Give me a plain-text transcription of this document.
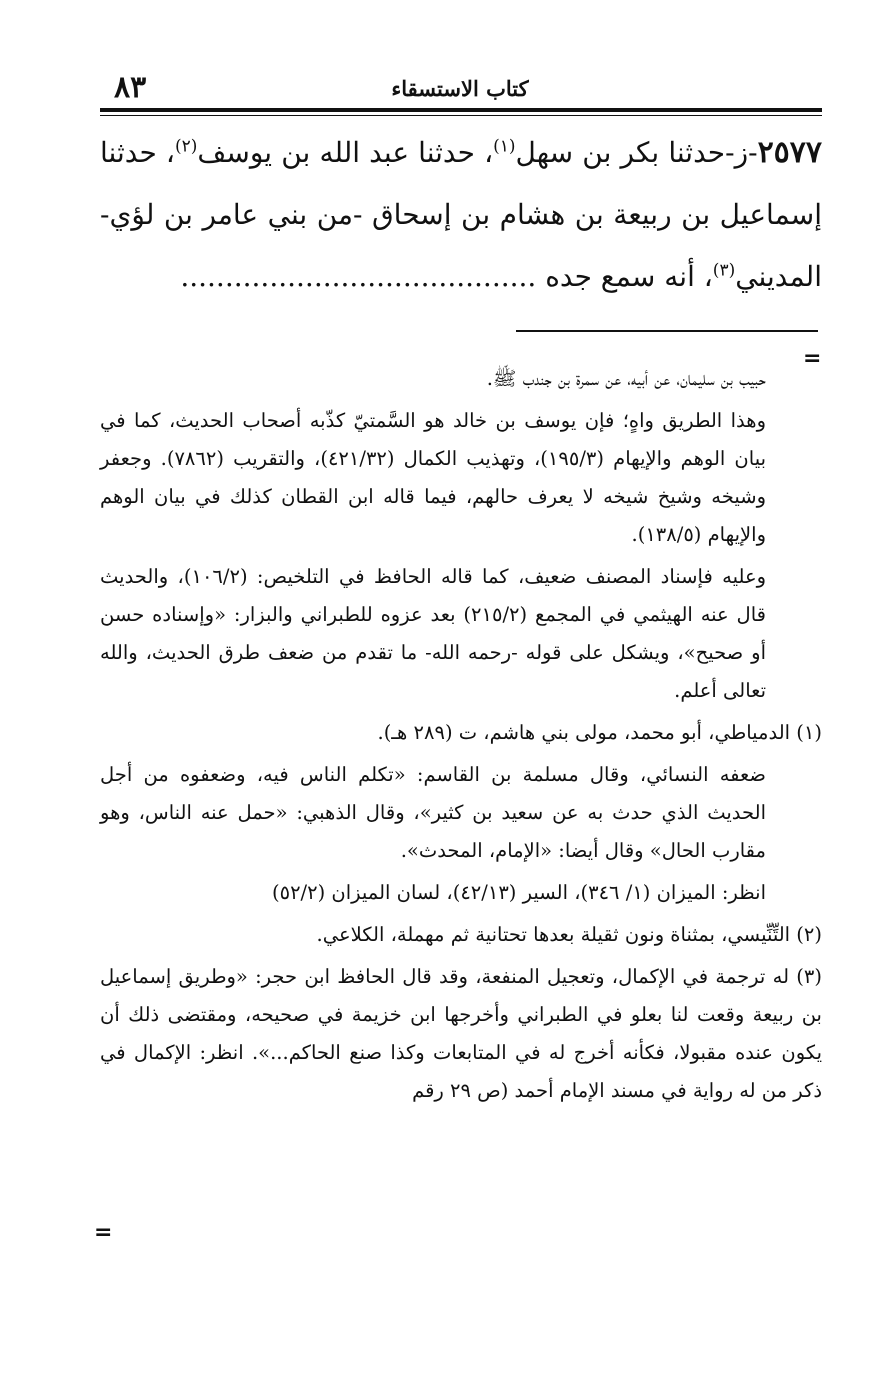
٨٣	كتاب الاستسقاء
٢٥٧٧-ز-حدثنا بكر بن سهل$^{(١)}$، حدثنا عبد الله بن يوسف$^{(٢)}$، حدثنا إسماعيل بن ربيعة بن هشام بن إسحاق -من بني عامر بن لؤي- المديني$^{(٣)}$، أنه سمع جده ........................................
=

حبيب بن سليمان، عن أبيه، عن سمرة بن جندب ﷺ.

وهذا الطريق واهٍ؛ فإن يوسف بن خالد هو السَّمتيّ كذّبه أصحاب الحديث، كما في بيان الوهم والإيهام (١٩٥/٣)، وتهذيب الكمال (٤٢١/٣٢)، والتقريب (٧٨٦٢). وجعفر وشيخه وشيخ شيخه لا يعرف حالهم، فيما قاله ابن القطان كذلك في بيان الوهم والإيهام (١٣٨/٥).

وعليه فإسناد المصنف ضعيف، كما قاله الحافظ في التلخيص: (١٠٦/٢)، والحديث قال عنه الهيثمي في المجمع (٢١٥/٢) بعد عزوه للطبراني والبزار: «وإسناده حسن أو صحيح»، ويشكل على قوله -رحمه الله- ما تقدم من ضعف طرق الحديث، والله تعالى أعلم.

(١) الدمياطي، أبو محمد، مولى بني هاشم، ت (٢٨٩ هـ).

ضعفه النسائي، وقال مسلمة بن القاسم: «تكلم الناس فيه، وضعفوه من أجل الحديث الذي حدث به عن سعيد بن كثير»، وقال الذهبي: «حمل عنه الناس، وهو مقارب الحال» وقال أيضا: «الإمام، المحدث».

انظر: الميزان (١/ ٣٤٦)، السير (٤٢/١٣)، لسان الميزان (٥٢/٢)

(٢) التِّنِّيسي، بمثناة ونون ثقيلة بعدها تحتانية ثم مهملة، الكلاعي.

(٣) له ترجمة في الإكمال، وتعجيل المنفعة، وقد قال الحافظ ابن حجر: «وطريق إسماعيل بن ربيعة وقعت لنا بعلو في الطبراني وأخرجها ابن خزيمة في صحيحه، ومقتضى ذلك أن يكون عنده مقبولا، فكأنه أخرج له في المتابعات وكذا صنع الحاكم...». انظر: الإكمال في ذكر من له رواية في مسند الإمام أحمد (ص ٢٩ رقم

=
